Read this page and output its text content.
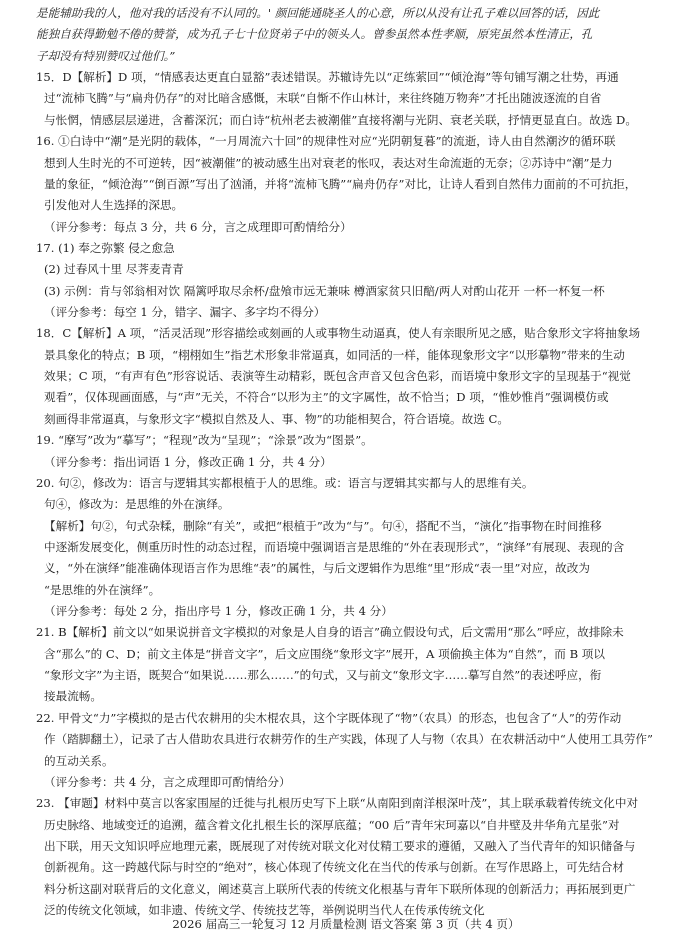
是能辅助我的人，他对我的话没有不认同的。' 颜回能通晓圣人的心意，所以从没有让孔子难以回答的话，因此
能独自获得勤勉不倦的赞誉，成为孔子七十位贤弟子中的领头人。曾参虽然本性孝顺，原宪虽然本性清正，孔
子却没有特别赞叹过他们。”
15．D【解析】D 项，“情感表达更直白显豁”表述错误。苏辙诗先以“疋练萦回”“倾沧海”等句铺写潮之壮势，再通
过“流柿飞腾”与“扁舟仍存”的对比暗含感慨，末联“自惭不作山林计，来往终随万物奔”才托出随波逐流的自省
与怅惘，情感层层递进，含蓄深沉；而白诗“杭州老去被潮催”直接将潮与光阴、衰老关联，抒情更显直白。故选 D。
16. ①白诗中“潮”是光阴的载体，“一月周流六十回”的规律性对应“光阴朝复暮”的流逝，诗人由自然潮汐的循环联
想到人生时光的不可逆转，因“被潮催”的被动感生出对衰老的怅叹，表达对生命流逝的无奈；②苏诗中“潮”是力
量的象征，“倾沧海”“倒百源”写出了汹涌，并将“流柿飞腾”“扁舟仍存”对比，让诗人看到自然伟力面前的不可抗拒，
引发他对人生选择的深思。
（评分参考：每点 3 分，共 6 分，言之成理即可酌情给分）
17. (1) 奉之弥繁 侵之愈急
(2) 过春风十里 尽荠麦青青
(3) 示例：肯与邻翁相对饮 隔篱呼取尽余杯/盘飧市远无兼味 樽酒家贫只旧醅/两人对酌山花开 一杯一杯复一杯
（评分参考：每空 1 分，错字、漏字、多字均不得分）
18．C【解析】A 项，“活灵活现”形容描绘或刻画的人或事物生动逼真，使人有亲眼所见之感，贴合象形文字将抽象场
景具象化的特点；B 项，“栩栩如生”指艺术形象非常逼真，如同活的一样，能体现象形文字“以形摹物”带来的生动
效果；C 项，“有声有色”形容说话、表演等生动精彩，既包含声音又包含色彩，而语境中象形文字的呈现基于“视觉
观看”，仅体现画面感，与“声”无关，不符合“以形为主”的文字属性，故不恰当；D 项，“惟妙惟肖”强调模仿或
刻画得非常逼真，与象形文字“模拟自然及人、事、物”的功能相契合，符合语境。故选 C。
19. “摩写”改为“摹写”；“程现”改为“呈现”；“涂景”改为“图景”。
（评分参考：指出词语 1 分，修改正确 1 分，共 4 分）
20. 句②，修改为：语言与逻辑其实都根植于人的思维。或：语言与逻辑其实都与人的思维有关。
句④，修改为：是思维的外在演绎。
【解析】句②，句式杂糅，删除“有关”，或把“根植于”改为“与”。句④，搭配不当，“演化”指事物在时间推移
中逐渐发展变化，侧重历时性的动态过程，而语境中强调语言是思维的“外在表现形式”，“演绎”有展现、表现的含
义，“外在演绎”能准确体现语言作为思维“表”的属性，与后文逻辑作为思维“里”形成“表一里”对应，故改为
“是思维的外在演绎”。
（评分参考：每处 2 分，指出序号 1 分，修改正确 1 分，共 4 分）
21. B【解析】前文以“如果说拼音文字模拟的对象是人自身的语言”确立假设句式，后文需用“那么”呼应，故排除未
含“那么”的 C、D；前文主体是“拼音文字”，后文应围绕“象形文字”展开，A 项偷换主体为“自然”，而 B 项以
“象形文字”为主语，既契合“如果说……那么……”的句式，又与前文“象形文字……摹写自然”的表述呼应，衔
接最流畅。
22. 甲骨文“力”字模拟的是古代农耕用的尖木棍农具，这个字既体现了“物”（农具）的形态，也包含了“人”的劳作动
作（踏脚翻土），记录了古人借助农具进行农耕劳作的生产实践，体现了人与物（农具）在农耕活动中“人使用工具劳作”
的互动关系。
（评分参考：共 4 分，言之成理即可酌情给分）
23. 【审题】材料中莫言以客家围屋的迁徙与扎根历史写下上联“从南阳到南洋根深叶茂”，其上联承载着传统文化中对
历史脉络、地域变迁的追溯，蕴含着文化扎根生长的深厚底蕴；“00 后”青年宋珂嘉以“自井壁及井华角亢星张”对
出下联，用天文知识呼应地理元素，既展现了对传统对联文化对仗精工要求的遵循，又融入了当代青年的知识储备与
创新视角。这一跨越代际与时空的“绝对”，核心体现了传统文化在当代的传承与创新。在写作思路上，可先结合材
料分析这副对联背后的文化意义，阐述莫言上联所代表的传统文化根基与青年下联所体现的创新活力；再拓展到更广
泛的传统文化领域，如非遗、传统文学、传统技艺等，举例说明当代人在传承传统文化
2026 届高三一轮复习 12 月质量检测 语文答案 第 3 页（共 4 页）
